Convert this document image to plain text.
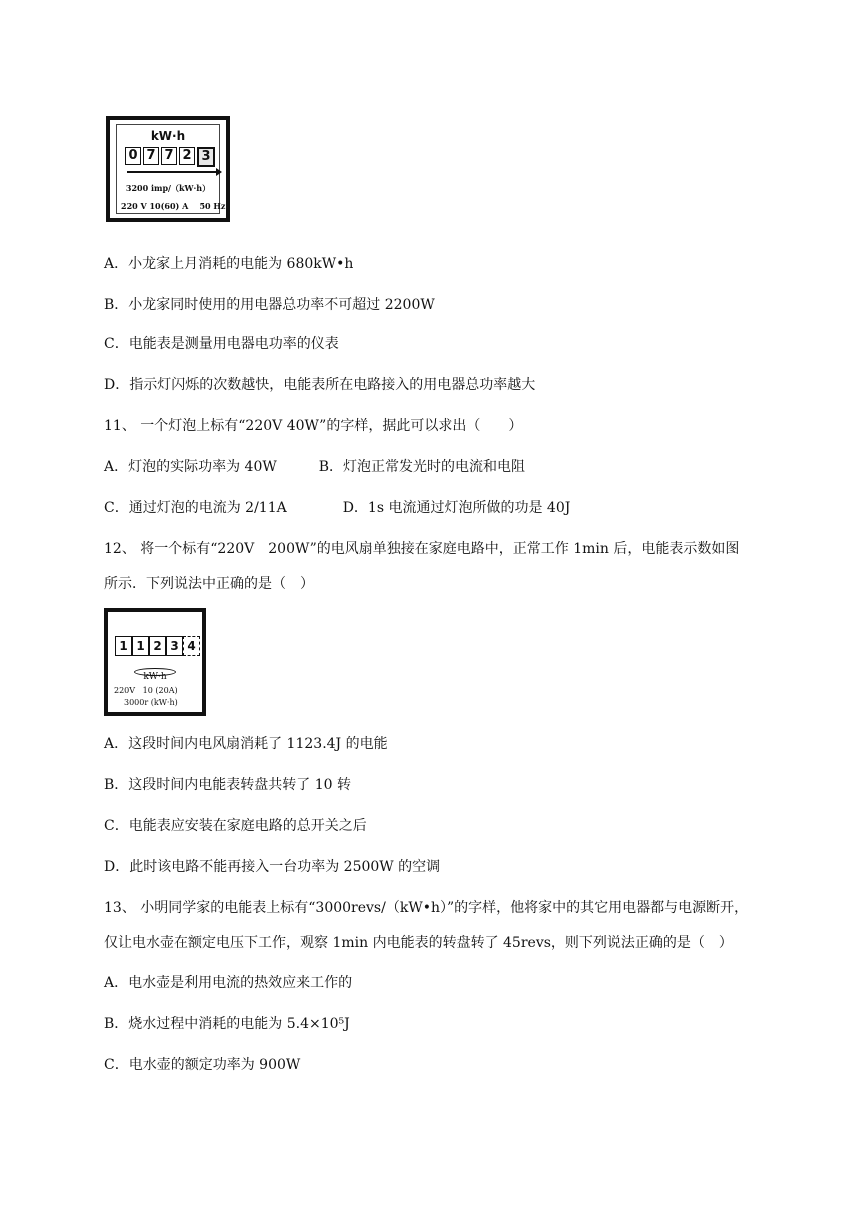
kW·h
0 7 7 2 3
3200 imp/（kW·h）
220 V 10(60) A    50 Hz
A．小龙家上月消耗的电能为 680kW•h
B．小龙家同时使用的用电器总功率不可超过 2200W
C．电能表是测量用电器电功率的仪表
D．指示灯闪烁的次数越快，电能表所在电路接入的用电器总功率越大
11、 一个灯泡上标有“220V 40W”的字样，据此可以求出（　　）
A．灯泡的实际功率为 40W　　　B．灯泡正常发光时的电流和电阻
C．通过灯泡的电流为 2/11A　　　　D．1s 电流通过灯泡所做的功是 40J
12、 将一个标有“220V　200W”的电风扇单独接在家庭电路中，正常工作 1min 后，电能表示数如图
所示．下列说法中正确的是（　）
1 1 2 3 4
kW·h
220V   10 (20A)
3000r (kW·h)
A．这段时间内电风扇消耗了 1123.4J 的电能
B．这段时间内电能表转盘共转了 10 转
C．电能表应安装在家庭电路的总开关之后
D．此时该电路不能再接入一台功率为 2500W 的空调
13、 小明同学家的电能表上标有“3000revs/（kW•h）”的字样，他将家中的其它用电器都与电源断开，
仅让电水壶在额定电压下工作，观察 1min 内电能表的转盘转了 45revs，则下列说法正确的是（　）
A．电水壶是利用电流的热效应来工作的
B．烧水过程中消耗的电能为 5.4×10⁵J
C．电水壶的额定功率为 900W
